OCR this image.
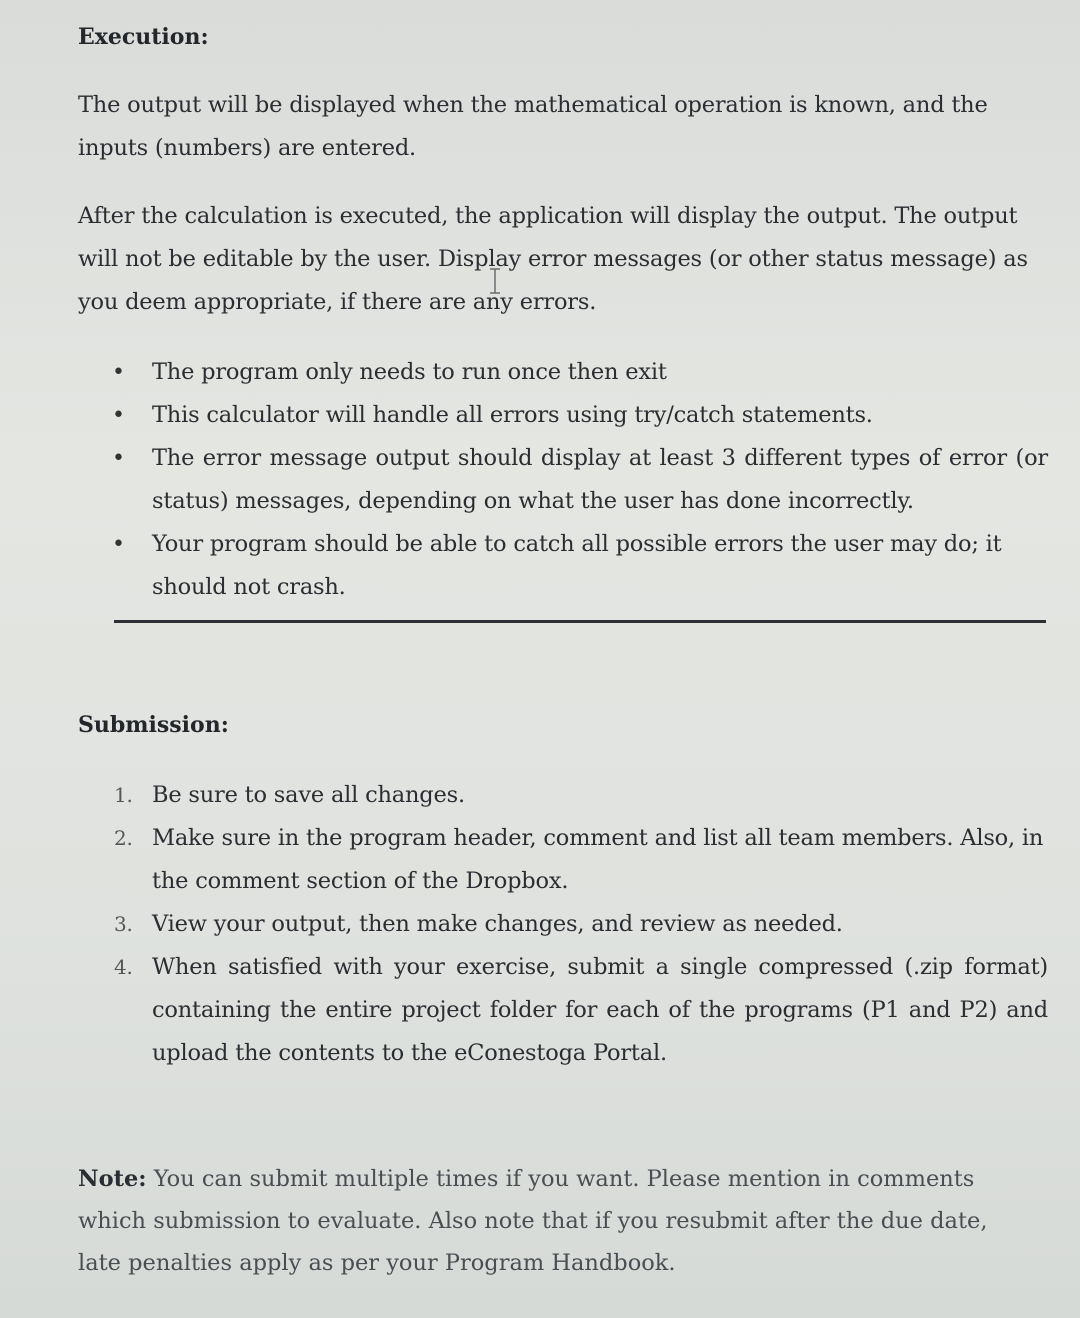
Execution:
The output will be displayed when the mathematical operation is known, and the inputs (numbers) are entered.
After the calculation is executed, the application will display the output. The output will not be editable by the user. Display error messages (or other status message) as you deem appropriate, if there are any errors.
• The program only needs to run once then exit
• This calculator will handle all errors using try/catch statements.
• The error message output should display at least 3 different types of error (or status) messages, depending on what the user has done incorrectly.
• Your program should be able to catch all possible errors the user may do; it should not crash.
Submission:
1. Be sure to save all changes.
2. Make sure in the program header, comment and list all team members. Also, in the comment section of the Dropbox.
3. View your output, then make changes, and review as needed.
4. When satisfied with your exercise, submit a single compressed (.zip format) containing the entire project folder for each of the programs (P1 and P2) and upload the contents to the eConestoga Portal.
Note: You can submit multiple times if you want. Please mention in comments which submission to evaluate. Also note that if you resubmit after the due date, late penalties apply as per your Program Handbook.
